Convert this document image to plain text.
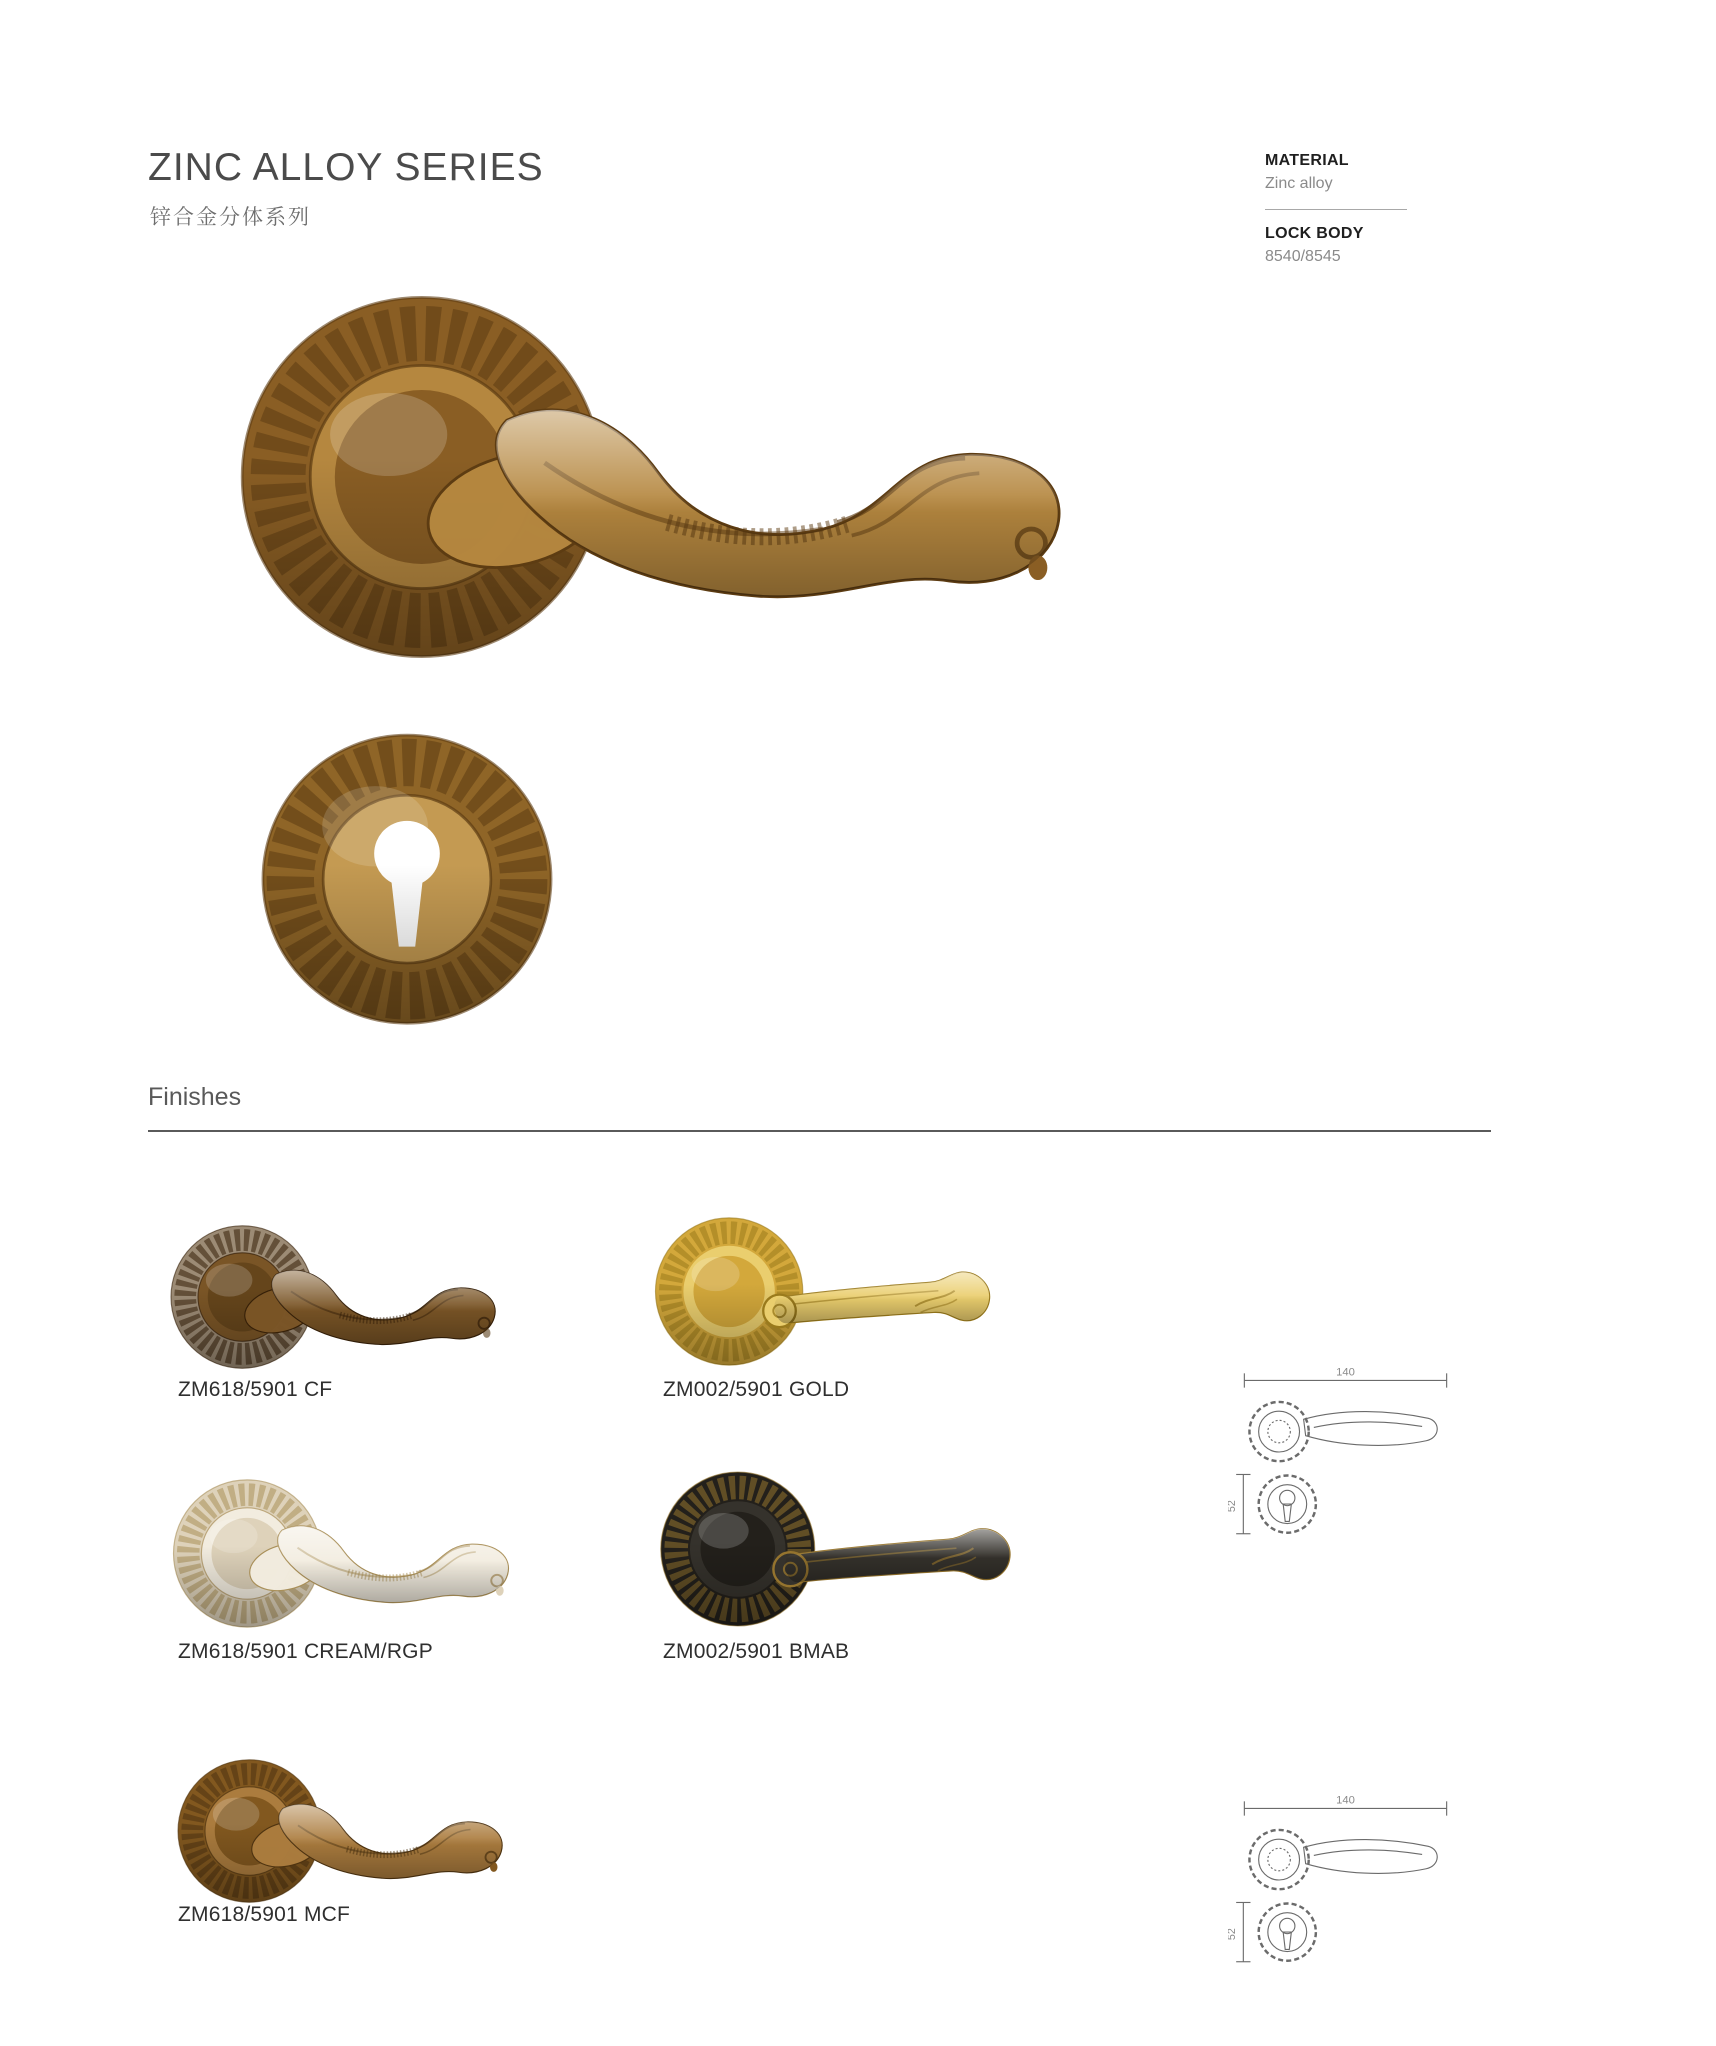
ZINC ALLOY SERIES
锌合金分体系列
MATERIAL
Zinc alloy
LOCK BODY
8540/8545
Finishes
ZM618/5901 CF	ZM002/5901 GOLD
ZM618/5901 CREAM/RGP	ZM002/5901 BMAB
ZM618/5901 MCF
